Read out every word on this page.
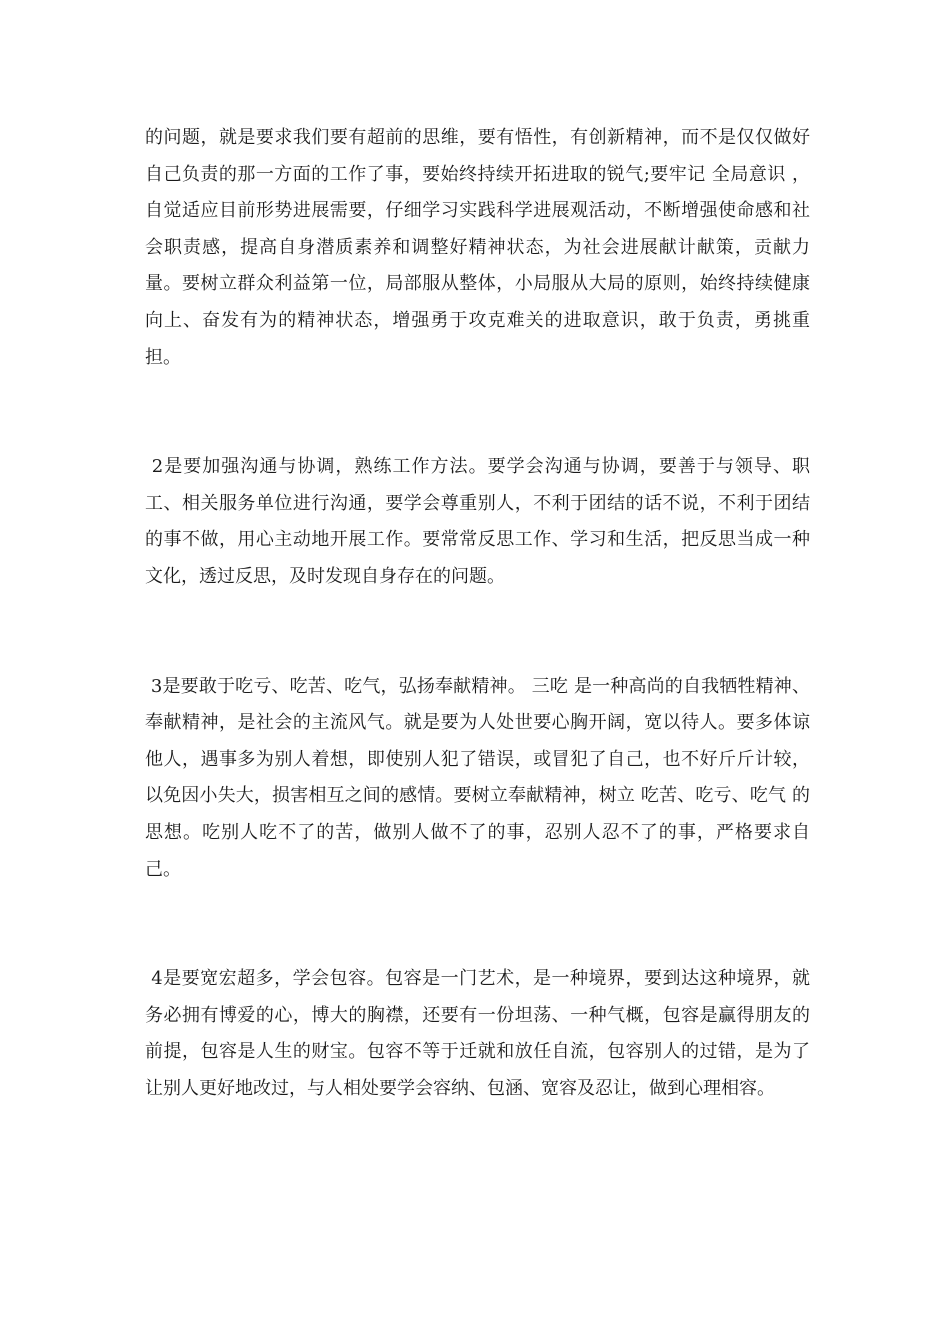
的问题，就是要求我们要有超前的思维，要有悟性，有创新精神，而不是仅仅做好自己负责的那一方面的工作了事，要始终持续开拓进取的锐气;要牢记 全局意识 ，自觉适应目前形势进展需要，仔细学习实践科学进展观活动，不断增强使命感和社会职责感，提高自身潜质素养和调整好精神状态，为社会进展献计献策，贡献力量。要树立群众利益第一位，局部服从整体，小局服从大局的原则，始终持续健康向上、奋发有为的精神状态，增强勇于攻克难关的进取意识，敢于负责，勇挑重担。

2是要加强沟通与协调，熟练工作方法。要学会沟通与协调，要善于与领导、职工、相关服务单位进行沟通，要学会尊重别人，不利于团结的话不说，不利于团结的事不做，用心主动地开展工作。要常常反思工作、学习和生活，把反思当成一种文化，透过反思，及时发现自身存在的问题。

3是要敢于吃亏、吃苦、吃气，弘扬奉献精神。 三吃 是一种高尚的自我牺牲精神、奉献精神，是社会的主流风气。就是要为人处世要心胸开阔，宽以待人。要多体谅他人，遇事多为别人着想，即使别人犯了错误，或冒犯了自己，也不好斤斤计较，以免因小失大，损害相互之间的感情。要树立奉献精神，树立 吃苦、吃亏、吃气 的思想。吃别人吃不了的苦，做别人做不了的事，忍别人忍不了的事，严格要求自己。

4是要宽宏超多，学会包容。包容是一门艺术，是一种境界，要到达这种境界，就务必拥有博爱的心，博大的胸襟，还要有一份坦荡、一种气概，包容是赢得朋友的前提，包容是人生的财宝。包容不等于迁就和放任自流，包容别人的过错，是为了让别人更好地改过，与人相处要学会容纳、包涵、宽容及忍让，做到心理相容。
